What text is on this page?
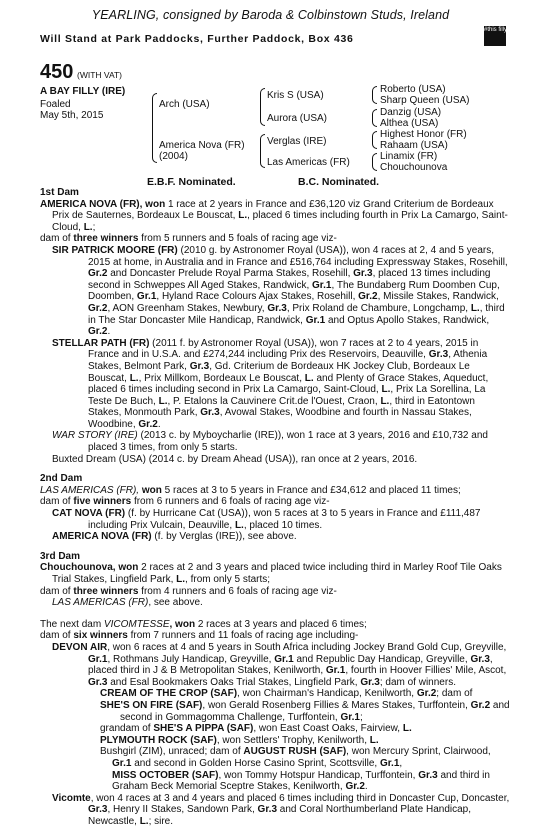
YEARLING, consigned by Baroda & Colbinstown Studs, Ireland
Will Stand at Park Paddocks, Further Paddock, Box 436
#this filly
450 (WITH VAT)
A BAY FILLY (IRE)
Foaled
May 5th, 2015
Arch (USA)
America Nova (FR)
(2004)
Kris S (USA)
Aurora (USA)
Verglas (IRE)
Las Americas (FR)
Roberto (USA)
Sharp Queen (USA)
Danzig (USA)
Althea (USA)
Highest Honor (FR)
Rahaam (USA)
Linamix (FR)
Chouchounova
E.B.F. Nominated.	B.C. Nominated.

1st Dam

AMERICA NOVA (FR), won 1 race at 2 years in France and £36,120 viz Grand Criterium de Bordeaux Prix de Sauternes, Bordeaux Le Bouscat, L., placed 6 times including fourth in Prix La Camargo, Saint-Cloud, L.;

dam of three winners from 5 runners and 5 foals of racing age viz-

SIR PATRICK MOORE (FR) (2010 g. by Astronomer Royal (USA)), won 4 races at 2, 4 and 5 years, 2015 at home, in Australia and in France and £516,764 including Expressway Stakes, Rosehill, Gr.2 and Doncaster Prelude Royal Parma Stakes, Rosehill, Gr.3, placed 13 times including second in Schweppes All Aged Stakes, Randwick, Gr.1, The Bundaberg Rum Doomben Cup, Doomben, Gr.1, Hyland Race Colours Ajax Stakes, Rosehill, Gr.2, Missile Stakes, Randwick, Gr.2, AON Greenham Stakes, Newbury, Gr.3, Prix Roland de Chambure, Longchamp, L., third in The Star Doncaster Mile Handicap, Randwick, Gr.1 and Optus Apollo Stakes, Randwick, Gr.2.

STELLAR PATH (FR) (2011 f. by Astronomer Royal (USA)), won 7 races at 2 to 4 years, 2015 in France and in U.S.A. and £274,244 including Prix des Reservoirs, Deauville, Gr.3, Athenia Stakes, Belmont Park, Gr.3, Gd. Criterium de Bordeaux HK Jockey Club, Bordeaux Le Bouscat, L., Prix Millkom, Bordeaux Le Bouscat, L. and Plenty of Grace Stakes, Aqueduct, placed 6 times including second in Prix La Camargo, Saint-Cloud, L., Prix La Sorellina, La Teste De Buch, L., P. Etalons la Cauvinere Crit.de l'Ouest, Craon, L., third in Eatontown Stakes, Monmouth Park, Gr.3, Avowal Stakes, Woodbine and fourth in Nassau Stakes, Woodbine, Gr.2.

WAR STORY (IRE) (2013 c. by Myboycharlie (IRE)), won 1 race at 3 years, 2016 and £10,732 and placed 3 times, from only 5 starts.

Buxted Dream (USA) (2014 c. by Dream Ahead (USA)), ran once at 2 years, 2016.

2nd Dam

LAS AMERICAS (FR), won 5 races at 3 to 5 years in France and £34,612 and placed 11 times;

dam of five winners from 6 runners and 6 foals of racing age viz-

CAT NOVA (FR) (f. by Hurricane Cat (USA)), won 5 races at 3 to 5 years in France and £111,487 including Prix Vulcain, Deauville, L., placed 10 times.

AMERICA NOVA (FR) (f. by Verglas (IRE)), see above.

3rd Dam

Chouchounova, won 2 races at 2 and 3 years and placed twice including third in Marley Roof Tile Oaks Trial Stakes, Lingfield Park, L., from only 5 starts;

dam of three winners from 4 runners and 6 foals of racing age viz-

LAS AMERICAS (FR), see above.

The next dam VICOMTESSE, won 2 races at 3 years and placed 6 times;

dam of six winners from 7 runners and 11 foals of racing age including-

DEVON AIR, won 6 races at 4 and 5 years in South Africa including Jockey Brand Gold Cup, Greyville, Gr.1, Rothmans July Handicap, Greyville, Gr.1 and Republic Day Handicap, Greyville, Gr.3, placed third in J & B Metropolitan Stakes, Kenilworth, Gr.1, fourth in Hoover Fillies' Mile, Ascot, Gr.3 and Esal Bookmakers Oaks Trial Stakes, Lingfield Park, Gr.3; dam of winners.

CREAM OF THE CROP (SAF), won Chairman's Handicap, Kenilworth, Gr.2; dam of

SHE'S ON FIRE (SAF), won Gerald Rosenberg Fillies & Mares Stakes, Turffontein, Gr.2 and second in Gommagomma Challenge, Turffontein, Gr.1;

grandam of SHE'S A PIPPA (SAF), won East Coast Oaks, Fairview, L.

PLYMOUTH ROCK (SAF), won Settlers' Trophy, Kenilworth, L.

Bushgirl (ZIM), unraced; dam of AUGUST RUSH (SAF), won Mercury Sprint, Clairwood, Gr.1 and second in Golden Horse Casino Sprint, Scottsville, Gr.1,

MISS OCTOBER (SAF), won Tommy Hotspur Handicap, Turffontein, Gr.3 and third in Graham Beck Memorial Sceptre Stakes, Kenilworth, Gr.2.

Vicomte, won 4 races at 3 and 4 years and placed 6 times including third in Doncaster Cup, Doncaster, Gr.3, Henry II Stakes, Sandown Park, Gr.3 and Coral Northumberland Plate Handicap, Newcastle, L.; sire.
